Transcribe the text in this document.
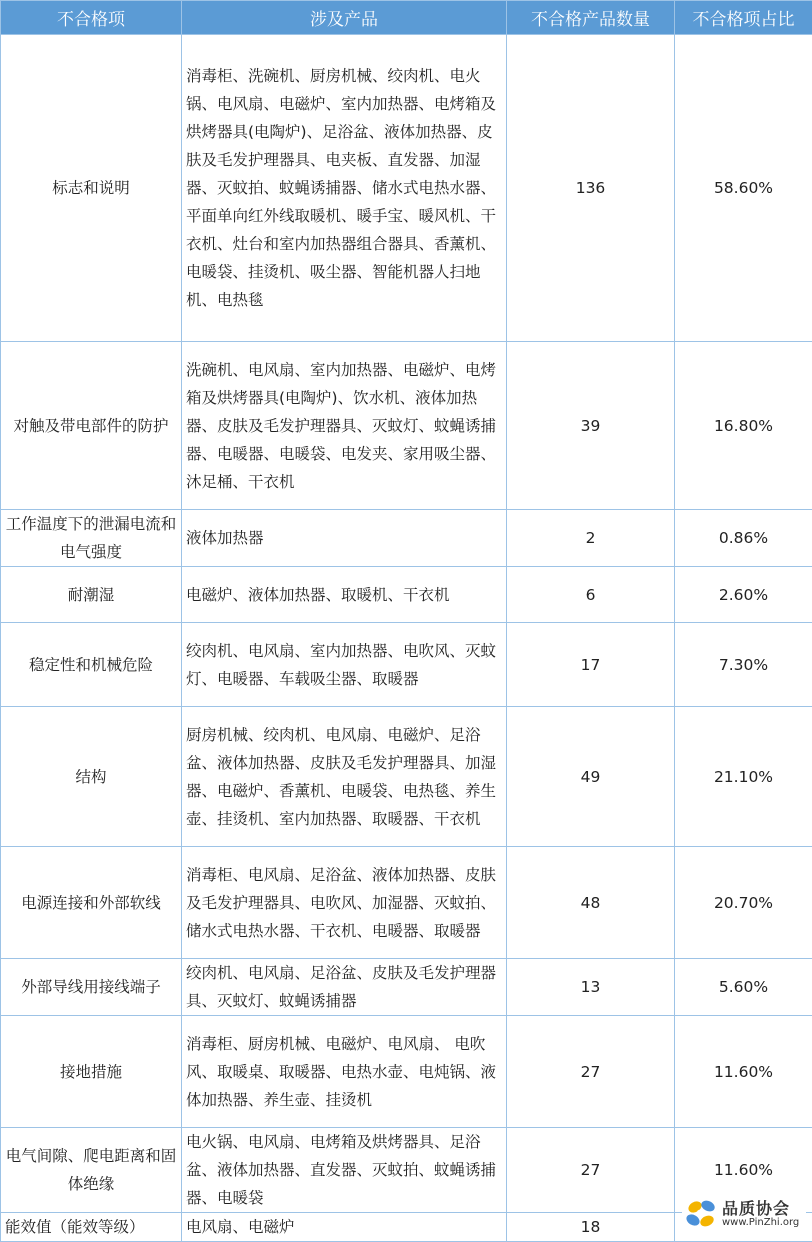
不合格项	涉及产品	不合格产品数量	不合格项占比
标志和说明	消毒柜、洗碗机、厨房机械、绞肉机、电火锅、电风扇、电磁炉、室内加热器、电烤箱及烘烤器具(电陶炉)、足浴盆、液体加热器、皮肤及毛发护理器具、电夹板、直发器、加湿器、灭蚊拍、蚊蝇诱捕器、储水式电热水器、平面单向红外线取暖机、暖手宝、暖风机、干衣机、灶台和室内加热器组合器具、香薰机、电暖袋、挂烫机、吸尘器、智能机器人扫地机、电热毯	136	58.60%
对触及带电部件的防护	洗碗机、电风扇、室内加热器、电磁炉、电烤箱及烘烤器具(电陶炉)、饮水机、液体加热器、皮肤及毛发护理器具、灭蚊灯、蚊蝇诱捕器、电暖器、电暖袋、电发夹、家用吸尘器、沐足桶、干衣机	39	16.80%
工作温度下的泄漏电流和电气强度	液体加热器	2	0.86%
耐潮湿	电磁炉、液体加热器、取暖机、干衣机	6	2.60%
稳定性和机械危险	绞肉机、电风扇、室内加热器、电吹风、灭蚊灯、电暖器、车载吸尘器、取暖器	17	7.30%
结构	厨房机械、绞肉机、电风扇、电磁炉、足浴盆、液体加热器、皮肤及毛发护理器具、加湿器、电磁炉、香薰机、电暖袋、电热毯、养生壶、挂烫机、室内加热器、取暖器、干衣机	49	21.10%
电源连接和外部软线	消毒柜、电风扇、足浴盆、液体加热器、皮肤及毛发护理器具、电吹风、加湿器、灭蚊拍、储水式电热水器、干衣机、电暖器、取暖器	48	20.70%
外部导线用接线端子	绞肉机、电风扇、足浴盆、皮肤及毛发护理器具、灭蚊灯、蚊蝇诱捕器	13	5.60%
接地措施	消毒柜、厨房机械、电磁炉、电风扇、 电吹风、取暖桌、取暖器、电热水壶、电炖锅、液体加热器、养生壶、挂烫机	27	11.60%
电气间隙、爬电距离和固体绝缘	电火锅、电风扇、电烤箱及烘烤器具、足浴盆、液体加热器、直发器、灭蚊拍、蚊蝇诱捕器、电暖袋	27	11.60%
能效值（能效等级）	电风扇、电磁炉	18	
品质协会
www.PinZhi.org
